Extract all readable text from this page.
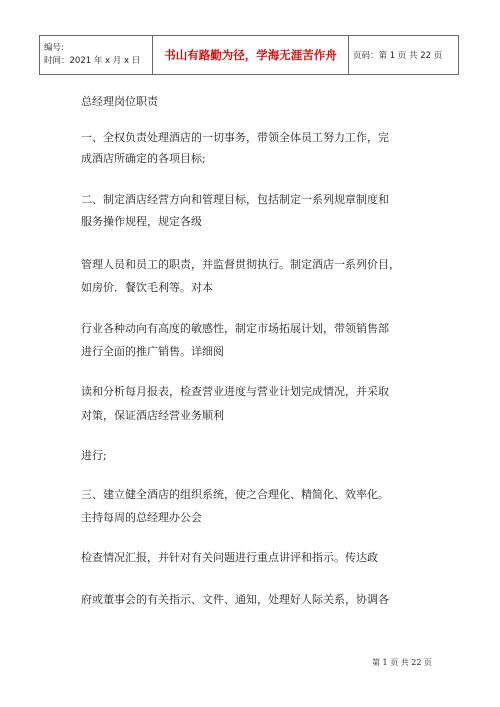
编号:
时间：2021 年 x 月 x 日	书山有路勤为径，学海无涯苦作舟	页码：第 1 页 共 22 页
总经理岗位职责
一、全权负责处理酒店的一切事务，带领全体员工努力工作，完
成酒店所确定的各项目标;
二、制定酒店经营方向和管理目标，包括制定一系列规章制度和
服务操作规程，规定各级
管理人员和员工的职责，并监督贯彻执行。制定酒店一系列价目，
如房价．餐饮毛利等。对本
行业各种动向有高度的敏感性，制定市场拓展计划，带领销售部
进行全面的推广销售。详细阅
读和分析每月报表，检查营业进度与营业计划完成情况，并采取
对策，保证酒店经营业务顺利
进行;
三、建立健全酒店的组织系统，使之合理化、精简化、效率化。
主持每周的总经理办公会
检查情况汇报，并针对有关问题进行重点讲评和指示。传达政
府或董事会的有关指示、文件、通知，处理好人际关系，协调各
第 1 页 共 22 页
